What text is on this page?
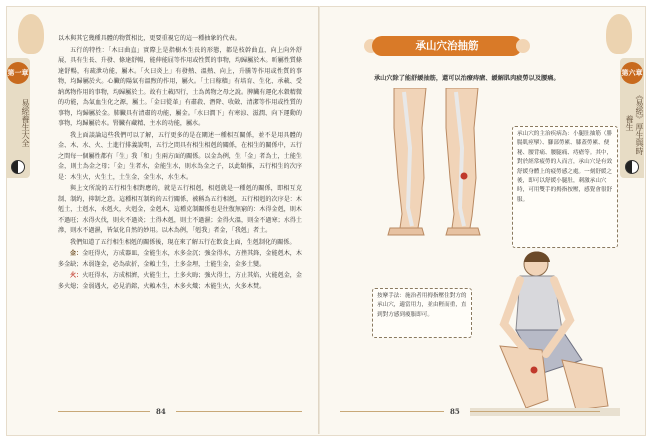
第一章
易經養生大全

以木與其它幾種具體的物質相比，更要重視它的這一種抽象的代表。

五行的特性：「木曰曲直」實際上是指樹木生長的形態，都是枝幹曲直，向上向外舒展，具有生長、升發、條達舒暢，能伸能屈等作用或性質的事物，均歸屬於木。昕屬性質條達舒暢，有疏泄功能，屬木。「火曰炎上」有發熱、溫熱、向上，升騰等作用或性質的事物，均歸屬於火。心臟的陽氣有溫煦的作用，屬火。「土日稼穡」有培育、生化、承載、受納萬物作用的事物，均歸屬於土。故有土載四行，土為萬物之母之說。脾臟有運化水穀精微的功能，為氣血生化之源，屬土。「金曰從革」有肅殺、潛降、收斂、清潔等作用或性質的事物，均歸屬於金。肺臟具有清肅的功能，屬金。「水曰潤下」有寒涼、滋潤、向下運動的事物，均歸屬於水。腎臟有藏精、主水的功能，屬水。

我上面談論這些我們可以了解，五行更多的是在闡述一種相互關係，並不是用具體的金、木、水、火、土進行排義說明，五行之間具有相生相剋的關係，在相生的關係中，五行之間每一個屬性都有「生」我「和」生兩方面的關係。以金為例，生「金」者為土，土能生金，則土為金之母；「金」生者水，金能生水，則水為金之子，以此類推，五行相生的次序是：木生火，火生土，土生金，金生水，水生木。

與上文所說的五行相生相對應的，就是五行相剋，相剋就是一種剋的關係，即相互克制、制約，抑制之意。這種相互制約的五行關係，被稱為五行相剋，五行相剋的次序是：木剋土，土剋水，水剋火，火剋金，金剋木，這種克制關係也是往復無窮的：木得金剋，則木不過旺；水得火伐，則火不過炎；土得木剋，則土不過濕；金得火溫，則金不過寒；水得土滲，則水不過濕，皆氣化自然的妙用。以木為例，「剋我」者金，「我剋」者土。

我們知道了五行相生相剋的關係後，現在來了解五行在飲食上面，生剋制化的關係。

金：金旺得火，方成器皿，金能生水，水多金沉；強金得水，方挫其鋒，金能剋木，木多金缺；木弱逢金，必為砍折，金賴土生，土多金埋，土能生金，金多土變。

火：火旺得水，方成相濟，火能生土，土多火晦；強火得土，方止其焰，火能剋金，金多火熄；金弱遇火，必見消鎔，火賴木生，木多火熾；木能生火，火多木焚。

84
承山穴治抽筋
承山穴除了能舒緩抽筋，還可以治療痔瘡、緩解肌肉疲勞以及腰痛。
承山穴的主治疾病為：小腿肚抽筋（腓腸肌痙攣）、腳部勞累、膝蓋勞累、便秘、腰背痛、腰腿痛、痔瘡等。其中，對於經常疲勞的人而言，承山穴是有效舒緩身體上的疲勞感之處。一刻舒緩之後，即可以舒緩小腿肚，刺激承山穴時，可用雙手的拇指按壓，感覺會很舒服。
按摩手法：施治者用拇指壓住對方的承山穴，適當用力，並由輕而重，直到對方感到痠脹即可。
85
第六章
《易經》厚生與時養生
